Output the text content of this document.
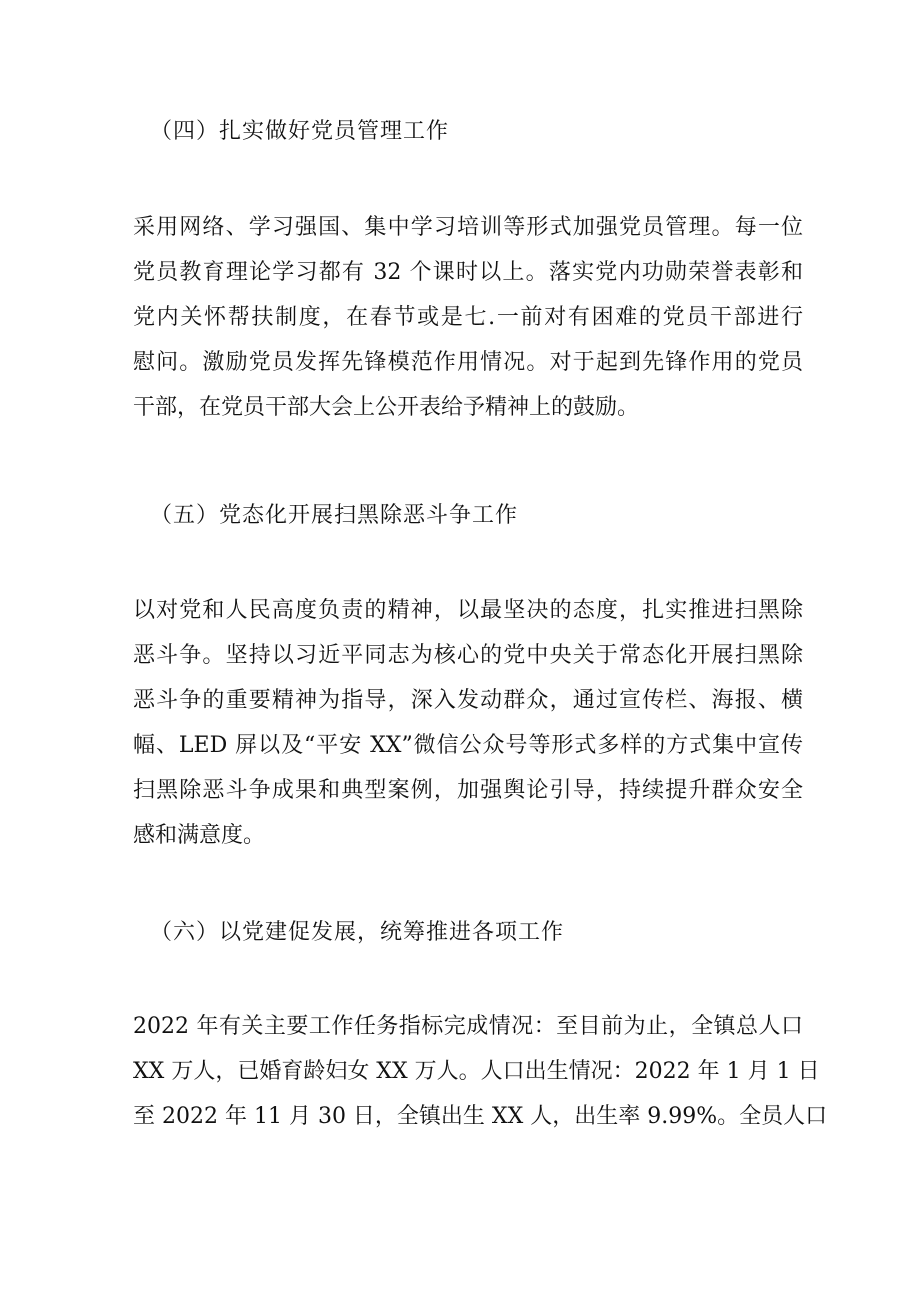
（四）扎实做好党员管理工作
采用网络、学习强国、集中学习培训等形式加强党员管理。每一位
党员教育理论学习都有 32 个课时以上。落实党内功勋荣誉表彰和
党内关怀帮扶制度，在春节或是七.一前对有困难的党员干部进行
慰问。激励党员发挥先锋模范作用情况。对于起到先锋作用的党员
干部，在党员干部大会上公开表给予精神上的鼓励。
（五）党态化开展扫黑除恶斗争工作
以对党和人民高度负责的精神，以最坚决的态度，扎实推进扫黑除
恶斗争。坚持以习近平同志为核心的党中央关于常态化开展扫黑除
恶斗争的重要精神为指导，深入发动群众，通过宣传栏、海报、横
幅、LED 屏以及“平安 XX”微信公众号等形式多样的方式集中宣传
扫黑除恶斗争成果和典型案例，加强舆论引导，持续提升群众安全
感和满意度。
（六）以党建促发展，统筹推进各项工作
2022 年有关主要工作任务指标完成情况：至目前为止，全镇总人口
XX 万人，已婚育龄妇女 XX 万人。人口出生情况：2022 年 1 月 1 日
至 2022 年 11 月 30 日，全镇出生 XX 人，出生率 9.99%。全员人口
